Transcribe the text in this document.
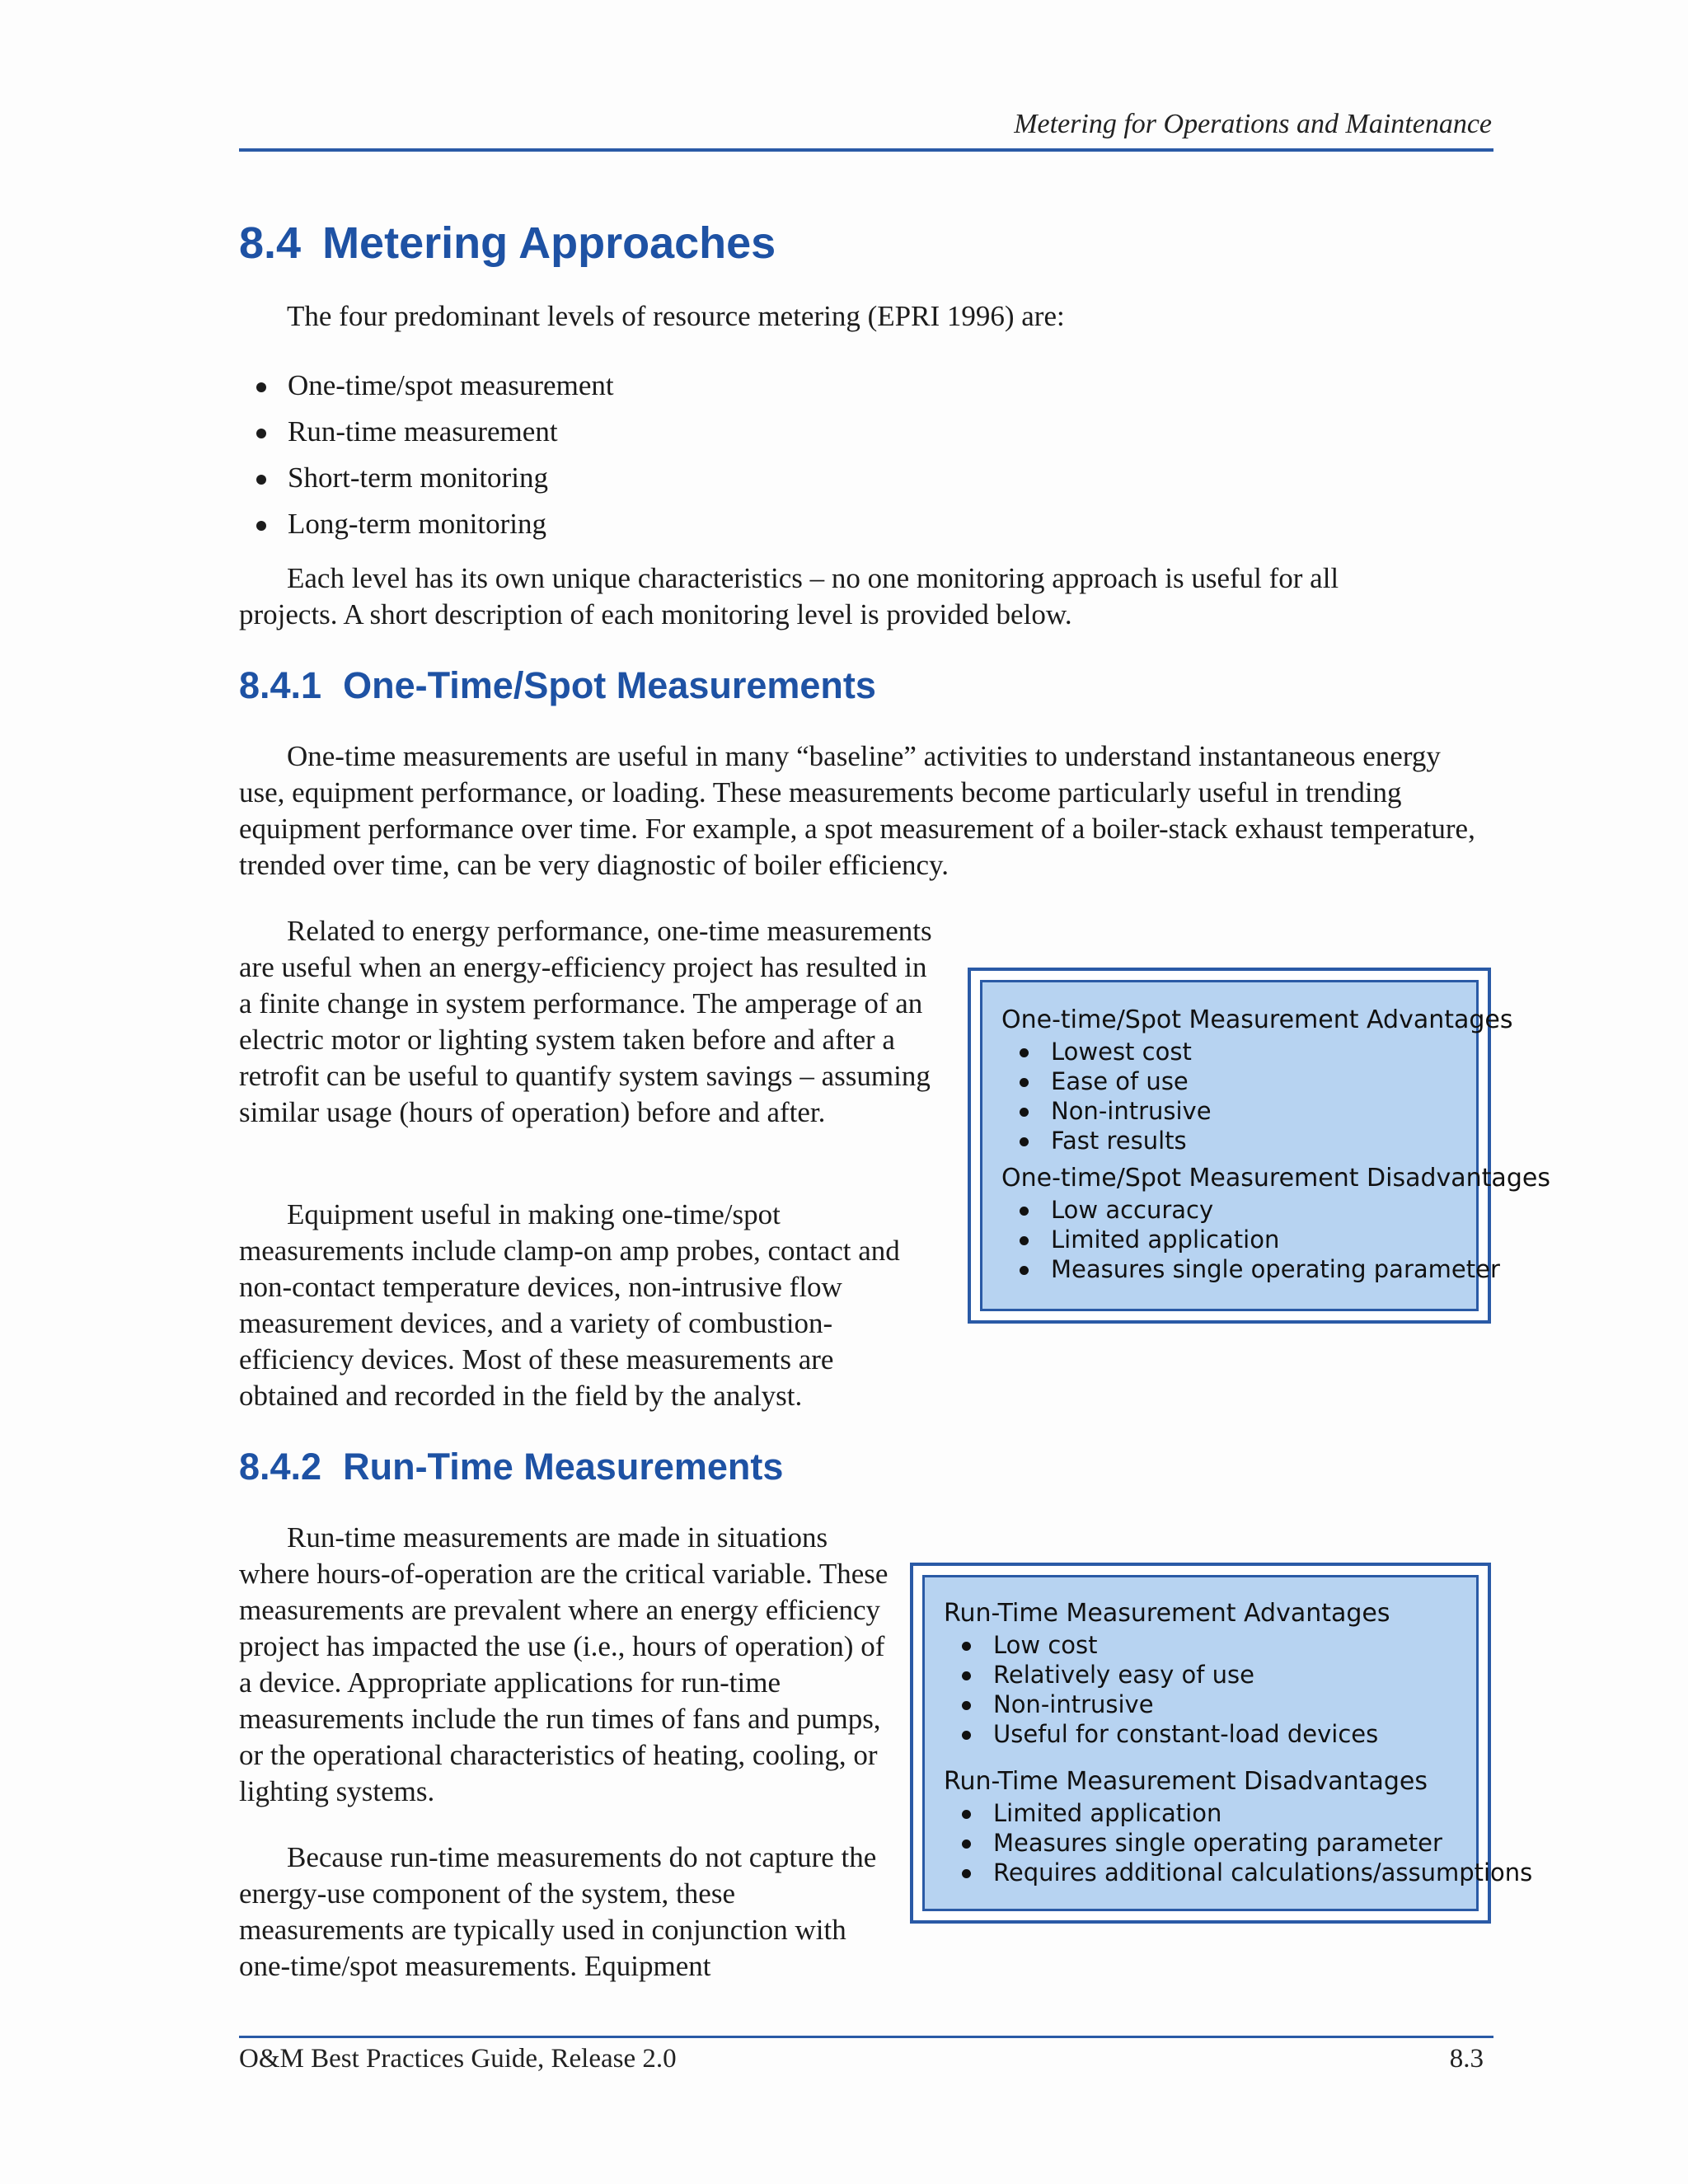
Metering for Operations and Maintenance
8.4 Metering Approaches

The four predominant levels of resource metering (EPRI 1996) are:

One-time/spot measurement
Run-time measurement
Short-term monitoring
Long-term monitoring

Each level has its own unique characteristics – no one monitoring approach is useful for all projects. A short description of each monitoring level is provided below.

8.4.1 One-Time/Spot Measurements

One-time measurements are useful in many “baseline” activities to understand instantaneous energy use, equipment performance, or loading. These measurements become particularly useful in trending equipment performance over time. For example, a spot measurement of a boiler-stack exhaust temperature, trended over time, can be very diagnostic of boiler efficiency.

Related to energy performance, one-time measurements are useful when an energy-efficiency project has resulted in a finite change in system performance. The amperage of an electric motor or lighting system taken before and after a retrofit can be useful to quantify system savings – assuming similar usage (hours of operation) before and after.

Equipment useful in making one-time/spot measurements include clamp-on amp probes, contact and non-contact temperature devices, non-intrusive flow measurement devices, and a variety of combustion-efficiency devices. Most of these measurements are obtained and recorded in the field by the analyst.

One-time/Spot Measurement Advantages

Lowest cost
Ease of use
Non-intrusive
Fast results

One-time/Spot Measurement Disadvantages

Low accuracy
Limited application
Measures single operating parameter
8.4.2 Run-Time Measurements

Run-time measurements are made in situations where hours-of-operation are the critical variable. These measurements are prevalent where an energy efficiency project has impacted the use (i.e., hours of operation) of a device. Appropriate applications for run-time measurements include the run times of fans and pumps, or the operational characteristics of heating, cooling, or lighting systems.

Because run-time measurements do not capture the energy-use component of the system, these measurements are typically used in conjunction with one-time/spot measurements. Equipment

Run-Time Measurement Advantages

Low cost
Relatively easy of use
Non-intrusive
Useful for constant-load devices

Run-Time Measurement Disadvantages

Limited application
Measures single operating parameter
Requires additional calculations/assumptions
O&M Best Practices Guide, Release 2.0	8.3
